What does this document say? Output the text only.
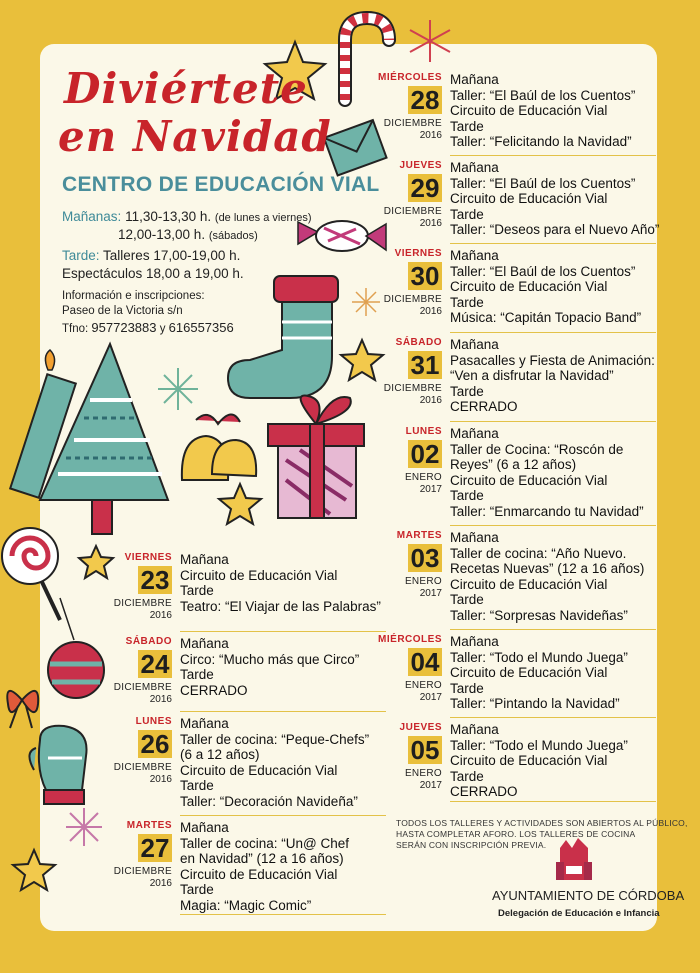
Diviértete
en Navidad
CENTRO DE EDUCACIÓN VIAL
Mañanas: 11,30-13,30 h. (de lunes a viernes)
12,00-13,00 h. (sábados)
Tarde: Talleres 17,00-19,00 h.
Espectáculos 18,00 a 19,00 h.
Información e inscripciones:
Paseo de la Victoria s/n
Tfno: 957723883 y 616557356
VIERNES
23
DICIEMBRE
2016
Mañana
Circuito de Educación Vial
Tarde
Teatro: “El Viajar de las Palabras”
SÁBADO
24
DICIEMBRE
2016
Mañana
Circo: “Mucho más que Circo”
Tarde
CERRADO
LUNES
26
DICIEMBRE
2016
Mañana
Taller de cocina: “Peque-Chefs”
(6 a 12 años)
Circuito de Educación Vial
Tarde
Taller: “Decoración Navideña”
MARTES
27
DICIEMBRE
2016
Mañana
Taller de cocina: “Un@ Chef
en Navidad” (12 a 16 años)
Circuito de Educación Vial
Tarde
Magia: “Magic Comic”
MIÉRCOLES
28
DICIEMBRE
2016
Mañana
Taller: “El Baúl de los Cuentos”
Circuito de Educación Vial
Tarde
Taller: “Felicitando la Navidad”
JUEVES
29
DICIEMBRE
2016
Mañana
Taller: “El Baúl de los Cuentos”
Circuito de Educación Vial
Tarde
Taller: “Deseos para el Nuevo Año”
VIERNES
30
DICIEMBRE
2016
Mañana
Taller: “El Baúl de los Cuentos”
Circuito de Educación Vial
Tarde
Música: “Capitán Topacio Band”
SÁBADO
31
DICIEMBRE
2016
Mañana
Pasacalles y Fiesta de Animación:
“Ven a disfrutar la Navidad”
Tarde
CERRADO
LUNES
02
ENERO
2017
Mañana
Taller de Cocina: “Roscón de
Reyes” (6 a 12 años)
Circuito de Educación Vial
Tarde
Taller: “Enmarcando tu Navidad”
MARTES
03
ENERO
2017
Mañana
Taller de cocina: “Año Nuevo.
Recetas Nuevas” (12 a 16 años)
Circuito de Educación Vial
Tarde
Taller: “Sorpresas Navideñas”
MIÉRCOLES
04
ENERO
2017
Mañana
Taller: “Todo el Mundo Juega”
Circuito de Educación Vial
Tarde
Taller: “Pintando la Navidad”
JUEVES
05
ENERO
2017
Mañana
Taller: “Todo el Mundo Juega”
Circuito de Educación Vial
Tarde
CERRADO
TODOS LOS TALLERES Y ACTIVIDADES SON ABIERTOS AL PÚBLICO,
HASTA COMPLETAR AFORO. LOS TALLERES DE COCINA
SERÁN CON INSCRIPCIÓN PREVIA.
AYUNTAMIENTO DE CÓRDOBA
Delegación de Educación e Infancia
